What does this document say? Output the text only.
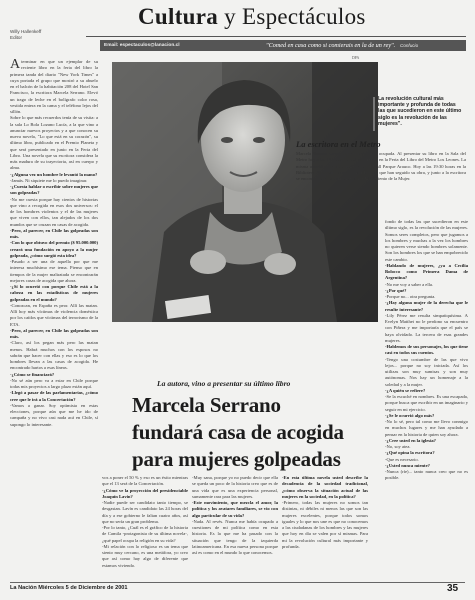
Cultura y Espectáculos
Willy Hallenkeff
Editor
Email: espectaculos@lanacion.cl	"Comed en casa como si comierais en la de un rey". Confucio

Aterminar en que un ejemplar de su reciente libro en la feria del libro la primera tanda del diario "New York Times" a cuya portada el grupo que mostró a su abuelo en el balcón de la habitación 208 del Hotel San Francisco, la escritora Marcela Serrano. Elevó un trago de leche en el bolígrafo color rosa, vestida entera en la cama y el teléfono lejos del sillón.

Sobre lo que más recuerdos tenía de su visita: a la sala Lo Bola Lozano Lucía, a la que vino a anunciar nuevos proyectos y a que conocen su nueva novela, "Lo que está en su corazón", su último libro, publicado en el Premio Planeta y que será presentado en junio en la Feria del Libro. Una novela que su escritora considera la más madura de su trayectoria, así en cuerpo y alma.

-¿Alguna vez un hombre le levantó la mano?

-Jamás. Ni siquiete me lo puedo imaginar.

-¿Cuesta hablar o escribir sobre mujeres que son golpeadas?

-No me cuesta porque hay cientos de historias que vino a recogida en esos dos universos: el de los hombres violentos y el de las mujeres que viven con ellos, tan alejados de los dos mundos que se cruzan en casas de acogida.

-Pero, al parecer, en Chile las golpeadas son más.

-Con lo que obtuvo del premio ($ 95.000.000) creará una fundación en apoyo a la mujer golpeada, ¿cómo surgió esta idea?

-Pasado a ser una de aquella por que me interesa muchísimo ese tema. Pienso que en tiempos de la mujer maltratada se encontrarán mejores casas de acogida que ahora.

-¿Sí lo ocurrió con porque Chile está a la cabeza en las estadísticas de mujeres golpeadas en el mundo?

-Conozcan, en España es peor. Allí las matan. Allí hoy más víctimas de violencia doméstica por los caídos que víctimas del terrorismo de la ETA.

-Pero, al parecer, en Chile las golpeadas son más.

-Claro, así los pegan más pero las matan menos. Habrá muchos con los esposos no sabrán que hacer con ellas y eso es lo que los hombres llevan a las casas de acogida. He encontrado hartos a esas líneas.

-¿Cómo se financiará?

-No sé aún pero va a estar en Chile porque todas mis proyectos a largo plazo están aquí.

-Llegó a pasar de las parlamentarias, ¿cómo cree que le irá a la Concertación?

-Vamos a ganar. Soy optimista en estas elecciones, porque aún que me he ido de campaña y no vivo casi nada acá en Chile, sí supongo lo interesante.

DPA
La revolución cultural más importante y profunda de todas las que sucedieron en este último siglo es la revolución de las mujeres".
La escritora en el Metro

Marcela Serrano tuvo ayer una tarde muy ocupada. Al presentar su libro en la Sala del Metro hoy a las 19 horas firmará ejemplares en la Feria del Libro del Metro Los Leones. La misma actividad realizará mañana en el Mall Parque Arauco. Hoy a las 19:30 horas en la Biblioteca Nacional conversará con lectores que han seguido su obra, y junto a la escritora se encontrarán en la sala mujeres del Movimiento de la Mujer.

fondo de todas las que sucedieron en este último siglo, es la revolución de las mujeres. Somos seres completos, pero que jugamos a los hombres y muchas a la vez los hombres no quieren verse siendo hombres solamente. Son los hombres los que se han empobrecido este cambio.

-Hablando de mujeres, ¿ya a Cecilia Bolocco como Primera Dama de Argentina?

-No me voy a saber a ella.

-¿Por qué?

-Porque no... otra pregunta.

-¿Hay alguna mujer de la derecha que le resulte interesante?

-Lily Pérez me resulta simpatiquísima. A Evelyn Matthei no le perdono su encuentro con Piñera y me importaría que el país se haya olvidado. La tercera de esas grandes mujeres.

-Hablemos de sus personajes, los que tiene casi en todos sus cuentos.

-Tengo una costumbre de las que vivo lejos... porque no soy iniciada. Así los utilizas son muy sumisas y son muy autónomas. Nos hay un homenaje a la soledad y a la mujer.

-¿A quién se refiere?

-Se la escuché en nombres. Es una escapada, porque busca que escribir en un imaginario y seguir en mi ejercicio.

-¿Se le ocurrió algo más?

-No lo sé, pero tal como me llevo conmigo en muchos lugares y me han ayudado a pensar en la historia de quien soy ahora.

-¿Cree usted en la iglesia?

-No, soy atea.

-¿Qué opina la escritora?

-Que es necesario.

-¿Usted nunca miente?

-Nunca (ríe)... tanto nunca creo que no es posible.

La autora, vino a presentar su último libro
Marcela Serrano
fundará casa de acogida
para mujeres golpeadas

vos a poner el 50 % y eso es un éxito mientras que el 13 será de la Concertación.

-¿Cómo ve la proyección del presidenciable Joaquín Lavín?

-Nadie puede ser candidato tanto tiempo, se desgastan. Lavín es candidato las 24 horas del día y a ese gobierno le faltan cuatro años, así que no sería un gran problema.

-Por lo tanto, ¿Cuál es el gráfico de la historia de Camila -protagonista de su última novela-, ¿qué papel ocupa la religión en su vida?

-Mi relación con lo religioso es un tema que siento muy cercano, es una metáfora, yo creo que así como hay algo de diferente que estamos viviendo.

-Muy sana, porque yo no puedo decir que ella se queda un poco de la historia creo que es de una vida que es una experiencia personal, sumamente rara para las mujeres.

-Este movimiento, que mezcla el amor, la política y los avatares familiares, se vio con algo particular de su vida?

-Nada. Al revés. Nunca me había ocupado a cuestiones de mi política como en esta historia. Es la que me ha pasado con la situación que tengo de la izquierda latinoamericana. En esa nueva persona porque así es como en el mundo lo que conocemos.

-En esta última novela usted describe la decadencia de la sociedad tradicional, ¿cómo observa la situación actual de las mujeres en la sociedad, en la política?

-Primero, todas las mujeres no somos tan distintas, ni débiles ni menos las que son las mujeres excelentes, porque todos somos iguales y lo que nos une es que no conocemos a las ciudadanas de los hombres y las mujeres que hoy en día se valen por sí mismas. Para mi la revolución cultural más importante y profunda.

La Nación Miércoles 5 de Diciembre de 2001	35
